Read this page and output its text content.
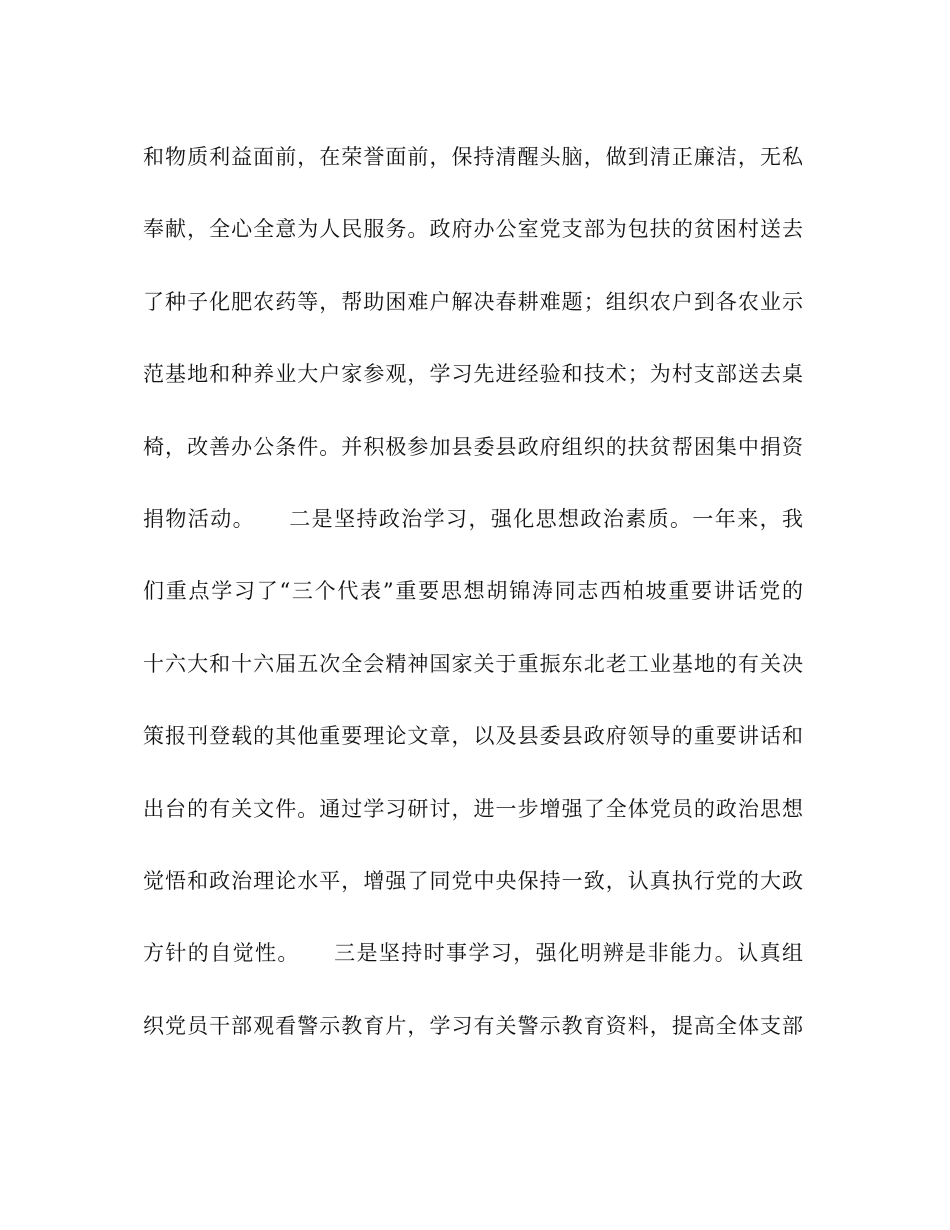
和物质利益面前，在荣誉面前，保持清醒头脑，做到清正廉洁，无私
奉献，全心全意为人民服务。政府办公室党支部为包扶的贫困村送去
了种子化肥农药等，帮助困难户解决春耕难题；组织农户到各农业示
范基地和种养业大户家参观，学习先进经验和技术；为村支部送去桌
椅，改善办公条件。并积极参加县委县政府组织的扶贫帮困集中捐资
捐物活动。　　二是坚持政治学习，强化思想政治素质。一年来，我
们重点学习了“三个代表”重要思想胡锦涛同志西柏坡重要讲话党的
十六大和十六届五次全会精神国家关于重振东北老工业基地的有关决
策报刊登载的其他重要理论文章，以及县委县政府领导的重要讲话和
出台的有关文件。通过学习研讨，进一步增强了全体党员的政治思想
觉悟和政治理论水平，增强了同党中央保持一致，认真执行党的大政
方针的自觉性。　　三是坚持时事学习，强化明辨是非能力。认真组
织党员干部观看警示教育片，学习有关警示教育资料，提高全体支部
